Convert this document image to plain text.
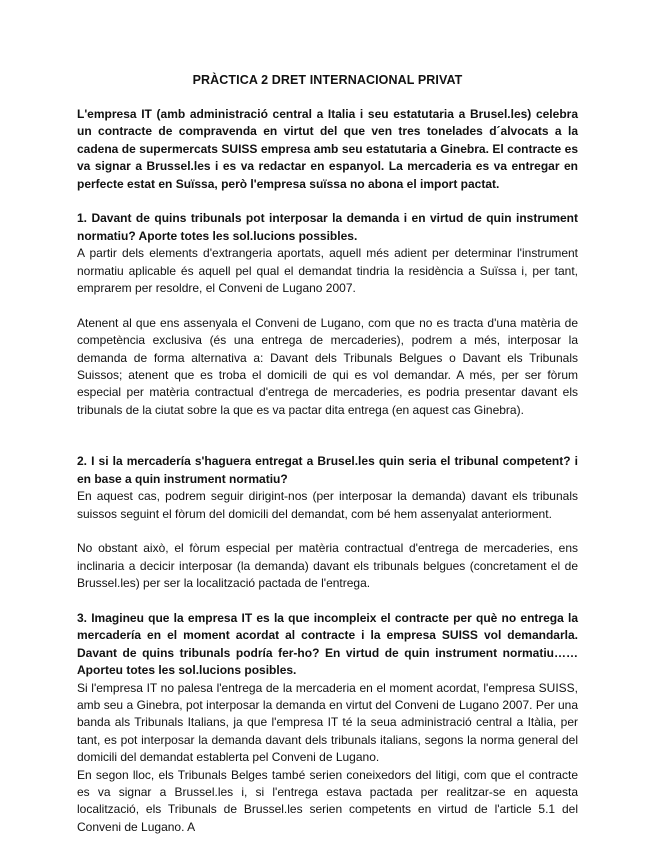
PRÀCTICA 2 DRET INTERNACIONAL PRIVAT

L'empresa IT (amb administració central a Italia i seu estatutaria a Brusel.les) celebra un contracte de compravenda en virtut del que ven tres tonelades d´alvocats a la cadena de supermercats SUISS empresa amb seu estatutaria a Ginebra. El contracte es va signar a Brussel.les i es va redactar en espanyol. La mercaderia es va entregar en perfecte estat en Suïssa, però l'empresa suïssa no abona el import pactat.

1. Davant de quins tribunals pot interposar la demanda i en virtud de quin instrument normatiu? Aporte totes les sol.lucions possibles.

A partir dels elements d'extrangeria aportats, aquell més adient per determinar l'instrument normatiu aplicable és aquell pel qual el demandat tindria la residència a Suïssa i, per tant, emprarem per resoldre, el Conveni de Lugano 2007.

Atenent al que ens assenyala el Conveni de Lugano, com que no es tracta d'una matèria de competència exclusiva (és una entrega de mercaderies), podrem a més, interposar la demanda de forma alternativa a: Davant dels Tribunals Belgues o Davant els Tribunals Suissos; atenent que es troba el domicili de qui es vol demandar. A més, per ser fòrum especial per matèria contractual d'entrega de mercaderies, es podria presentar davant els tribunals de la ciutat sobre la que es va pactar dita entrega (en aquest cas Ginebra).

2. I si la mercadería s'haguera entregat a Brusel.les quin seria el tribunal competent? i en base a quin instrument normatiu?

En aquest cas, podrem seguir dirigint-nos (per interposar la demanda) davant els tribunals suissos seguint el fòrum del domicili del demandat, com bé hem assenyalat anteriorment.

No obstant això, el fòrum especial per matèria contractual d'entrega de mercaderies, ens inclinaria a decicir interposar (la demanda) davant els tribunals belgues (concretament el de Brussel.les) per ser la localització pactada de l'entrega.

3. Imagineu que la empresa IT es la que incompleix el contracte per què no entrega la mercadería en el moment acordat al contracte i la empresa SUISS vol demandarla. Davant de quins tribunals podría fer-ho? En virtud de quin instrument normatiu…… Aporteu totes les sol.lucions posibles.

Si l'empresa IT no palesa l'entrega de la mercaderia en el moment acordat, l'empresa SUISS, amb seu a Ginebra, pot interposar la demanda en virtut del Conveni de Lugano 2007. Per una banda als Tribunals Italians, ja que l'empresa IT té la seua administració central a Itàlia, per tant, es pot interposar la demanda davant dels tribunals italians, segons la norma general del domicili del demandat establerta pel Conveni de Lugano.

En segon lloc, els Tribunals Belges també serien coneixedors del litigi, com que el contracte es va signar a Brussel.les i, si l'entrega estava pactada per realitzar-se en aquesta localització, els Tribunals de Brussel.les serien competents en virtud de l'article 5.1 del Conveni de Lugano. A
